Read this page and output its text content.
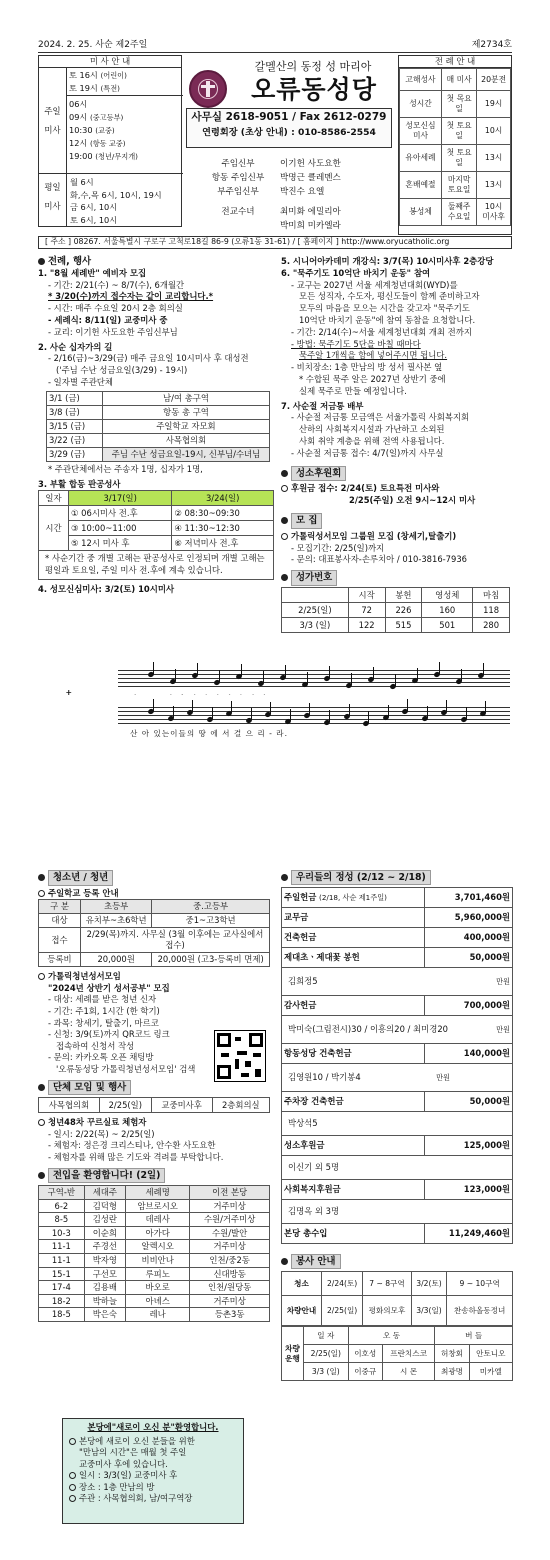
2024. 2. 25. 사순 제2주일	제2734호
미 사 안 내
주일
미사
토 16시 (어린이)
토 19시 (특전)
06시
09시 (중고등부)
10:30 (교중)
12시 (항동 교중)
19:00 (청년/무지개)
평일
미사
월 6시
화,수,목 6시, 10시, 19시
금 6시, 10시
토 6시, 10시
갈멜산의 동정 성 마리아
오류동성당
사무실 2618-9051 / Fax 2612-0279
연령회장 (초상 안내) : 010-8586-2554
주임신부	이기헌 사도요한
항동 주임신부 박명근 클레멘스
부주임신부 박진수 요엘
전교수녀	최미화 에밀리아
박미희 미카엘라
전 례 안 내
고해성사	매 미사	20분전
성시간	첫 목요일	19시
성모신심미사	첫 토요일	10시
유아세례	첫 토요일	13시
혼배예절	마지막 토요일	13시
봉성체	둘째주 수요일	10시 미사후
[ 주소 ] 08267. 서울특별시 구로구 고척로18길 86-9 (오류1동 31-61) / [ 홈페이지 ] http://www.oryucatholic.org
전례, 행사
1. "8월 세례반" 예비자 모집
- 기간: 2/21(수) ~ 8/7(수), 6개월간
* 3/20(수)까지 접수자는 같이 교리합니다.*
- 시간: 매주 수요일 20시 2층 회의실
- 세례식: 8/11(일) 교중미사 중
- 교리: 이기헌 사도요한 주임신부님
2. 사순 십자가의 길
- 2/16(금)~3/29(금) 매주 금요일 10시미사 후 대성전
('주님 수난 성금요일(3/29) - 19시)
- 일자별 주관단체
3/1 (금)	남/여 총구역
3/8 (금)	항동 총 구역
3/15 (금)	주일학교 자모회
3/22 (금)	사목협의회
3/29 (금)	주님 수난 성금요일-19시, 신부님/수녀님
* 주관단체에서는 주송자 1명, 십자가 1명,
3. 부활 합동 판공성사
일자	3/17(일)	3/24(일)
시간	① 06시미사 전.후	② 08:30~09:30
	③ 10:00~11:00	④ 11:30~12:30
	⑤ 12시 미사 후	⑥ 저녁미사 전.후
* 사순기간 중 개별 고해는 판공성사로 인정되며 개별 고해는 평일과 토요일, 주일 미사 전.후에 계속 있습니다.
4. 성모신심미사: 3/2(토) 10시미사
5. 시니어아카데미 개강식: 3/7(목) 10시미사후 2층강당
6. "묵주기도 10억단 바치기 운동" 참여
- 교구는 2027년 서울 세계청년대회(WYD)를
모든 성직자, 수도자, 평신도들이 함께 준비하고자
모두의 마음을 모으는 시간을 갖고자 "묵주기도
10억단 바치기 운동"에 참여 동참을 요청합니다.
- 기간: 2/14(수)~서울 세계청년대회 개최 전까지
- 방법: 묵주기도 5단을 바칠 때마다
묵주알 1개씩을 함에 넣어주시면 됩니다.
- 비치장소: 1층 만남의 방 성서 필사본 옆
* 수합된 묵주 알은 2027년 상반기 중에
실제 묵주로 만들 예정입니다.
7. 사순절 저금통 배부
- 사순절 저금통 모금액은 서울가톨릭 사회복지회
산하의 사회복지시설과 가난하고 소외된
사회 취약 계층을 위해 전액 사용됩니다.
- 사순절 저금통 접수: 4/7(일)까지 사무실
성소후원회
후원금 접수: 2/24(토) 토요특전 미사와
2/25(주일) 오전 9시~12시 미사
모 집
가톨릭성서모임 그룹원 모집 (창세기,탈출기)
- 모집기간: 2/25(일)까지
- 문의: 대표봉사자-손루치아 / 010-3816-7936
성가번호
	시작	봉헌	영성체	마침
2/25(일)	72	226	160	118
3/3 (일)	122	515	501	280
산 아 있는이들의 땅 에 서 걸 으 리 - 라.
청소년 / 청년
주일학교 등록 안내
구 분	초등부	중.고등부
대상	유치부~초6학년	중1~고3학년
접수	2/29(목)까지. 사무실 (3월 이후에는 교사실에서 접수)	
등록비	20,000원	20,000원 (고3-등록비 면제)
가톨릭청년성서모임
"2024년 상반기 성서공부" 모집
- 대상: 세례를 받은 청년 신자
- 기간: 주1회, 1시간 (한 학기)
- 과목: 창세기, 탈출기, 마르코
- 신청: 3/9(토)까지 QR코드 링크
접속하여 신청서 작성
- 문의: 카카오톡 오픈 채팅방
'오류동성당 가톨릭청년성서모임' 검색
단체 모임 및 행사
사목협의회	2/25(일)	교중미사후	2층회의실
청년48차 꾸르실료 체험자
- 일시: 2/22(목) ~ 2/25(일)
- 체험자: 정은경 크리스티나, 안수환 사도요한
- 체험자를 위해 많은 기도와 격려를 부탁합니다.
전입을 환영합니다! (2일)
구역-반	세대주	세례명	이전 본당
6-2	김덕형	암브로시오	거주미상
8-5	김성란	데레사	수원/거주미상
10-3	이순희	아가다	수원/발안
11-1	주경선	알렉시오	거주미상
11-1	박자영	비비안나	인천/중2동
15-1	구선모	루피노	신대방동
17-4	김용배	바오로	인천/원당동
18-2	박하늘	아녜스	거주미상
18-5	박은숙	레나	등촌3동
본당에"새로이 오신 분"환영합니다.
본당에 새로이 오신 분들을 위한
"만남의 시간"은 매월 첫 주일
교중미사 후에 있습니다.
일시 : 3/3(일) 교중미사 후
장소 : 1층 만남의 방
주관 : 사목협의회, 남/여구역장
우리들의 정성 (2/12 ~ 2/18)
주일헌금 (2/18, 사순 제1주일)	3,701,460원
교무금	5,960,000원
건축헌금	400,000원
제대초ㆍ제대꽃 봉헌	50,000원
김희정5 만원	

감사헌금	700,000원
박미숙(그림전시)30 / 이흥의20 / 최미경20 만원	

항동성당 건축헌금	140,000원
김영원10 / 박기봉4 만원	

주차장 건축헌금	50,000원
박상석5	
성소후원금	125,000원
이신기 외 5명	
사회복지후원금	123,000원
김명옥 외 3명	
본당 총수입	11,249,460원
봉사 안내
청소	2/24(토)	7 ~ 8구역	3/2(토)	9 ~ 10구역
차량안내	2/25(일)	평화의모후	3/3(일)	찬송하올동정녀
차량운행	일 자	오 동		버 들	
	2/25(일)	이호성	프란치스코	허창회	안토니오
	3/3 (일)	이중규	시 몬	최광명	미카엘
